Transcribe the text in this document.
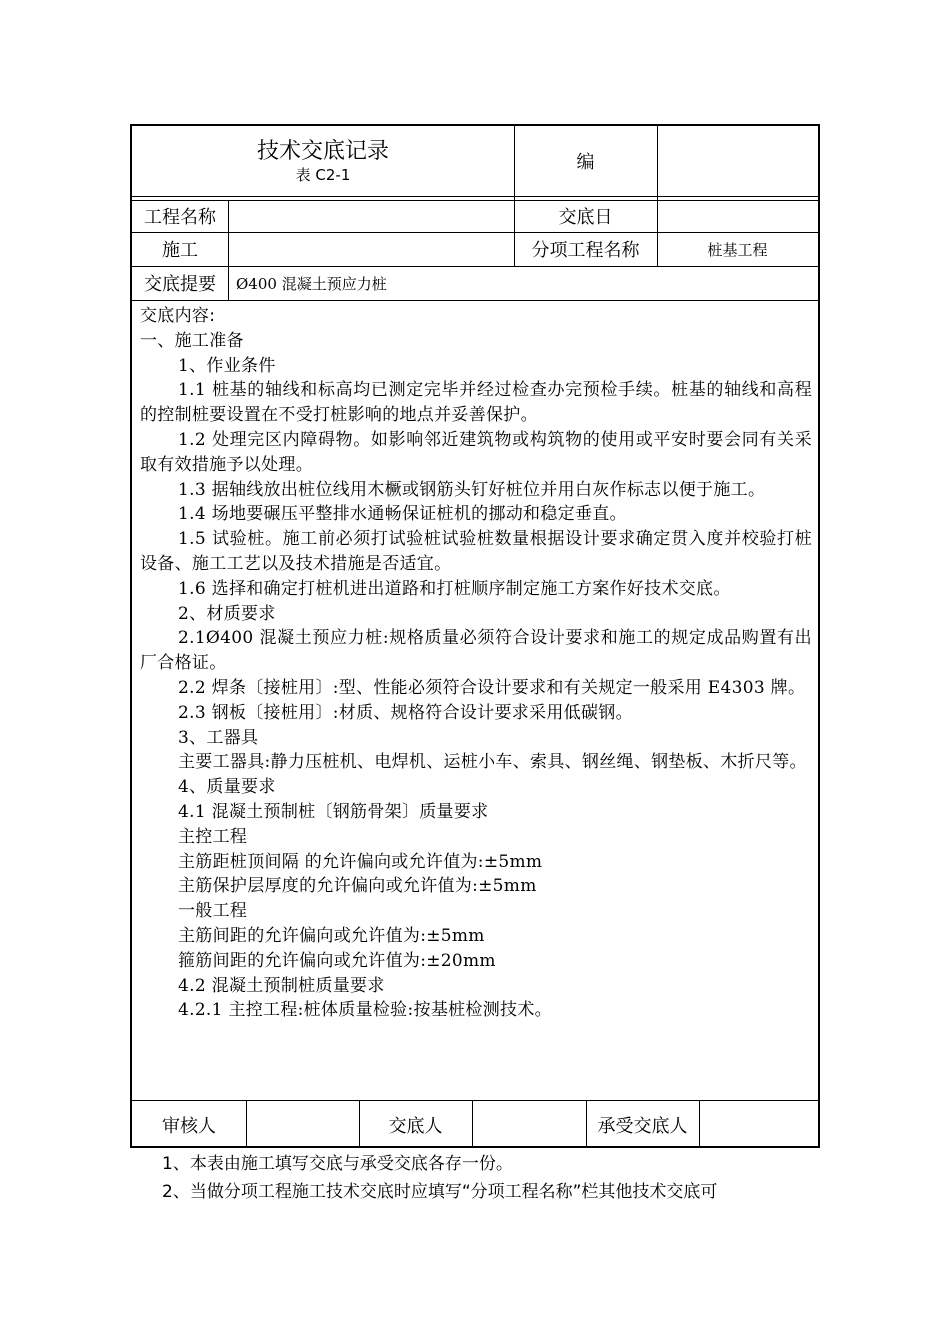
技术交底记录
表 C2-1
编
工程名称	交底日
施工	分项工程名称	桩基工程
交底提要	Ø400 混凝土预应力桩

交底内容:

一、施工准备

1、作业条件

1.1 桩基的轴线和标高均已测定完毕并经过检查办完预检手续。桩基的轴线和高程的控制桩要设置在不受打桩影响的地点并妥善保护。

1.2 处理完区内障碍物。如影响邻近建筑物或构筑物的使用或平安时要会同有关采取有效措施予以处理。

1.3 据轴线放出桩位线用木橛或钢筋头钉好桩位并用白灰作标志以便于施工。

1.4 场地要碾压平整排水通畅保证桩机的挪动和稳定垂直。

1.5 试验桩。施工前必须打试验桩试验桩数量根据设计要求确定贯入度并校验打桩设备、施工工艺以及技术措施是否适宜。

1.6 选择和确定打桩机进出道路和打桩顺序制定施工方案作好技术交底。

2、材质要求

2.1Ø400 混凝土预应力桩:规格质量必须符合设计要求和施工的规定成品购置有出厂合格证。

2.2 焊条〔接桩用〕:型、性能必须符合设计要求和有关规定一般采用 E4303 牌。

2.3 钢板〔接桩用〕:材质、规格符合设计要求采用低碳钢。

3、工器具

主要工器具:静力压桩机、电焊机、运桩小车、索具、钢丝绳、钢垫板、木折尺等。

4、质量要求

4.1 混凝土预制桩〔钢筋骨架〕质量要求

主控工程

主筋距桩顶间隔 的允许偏向或允许值为:±5mm

主筋保护层厚度的允许偏向或允许值为:±5mm

一般工程

主筋间距的允许偏向或允许值为:±5mm

箍筋间距的允许偏向或允许值为:±20mm

4.2 混凝土预制桩质量要求

4.2.1 主控工程:桩体质量检验:按基桩检测技术。

审核人	交底人	承受交底人

1、本表由施工填写交底与承受交底各存一份。

2、当做分项工程施工技术交底时应填写“分项工程名称”栏其他技术交底可
